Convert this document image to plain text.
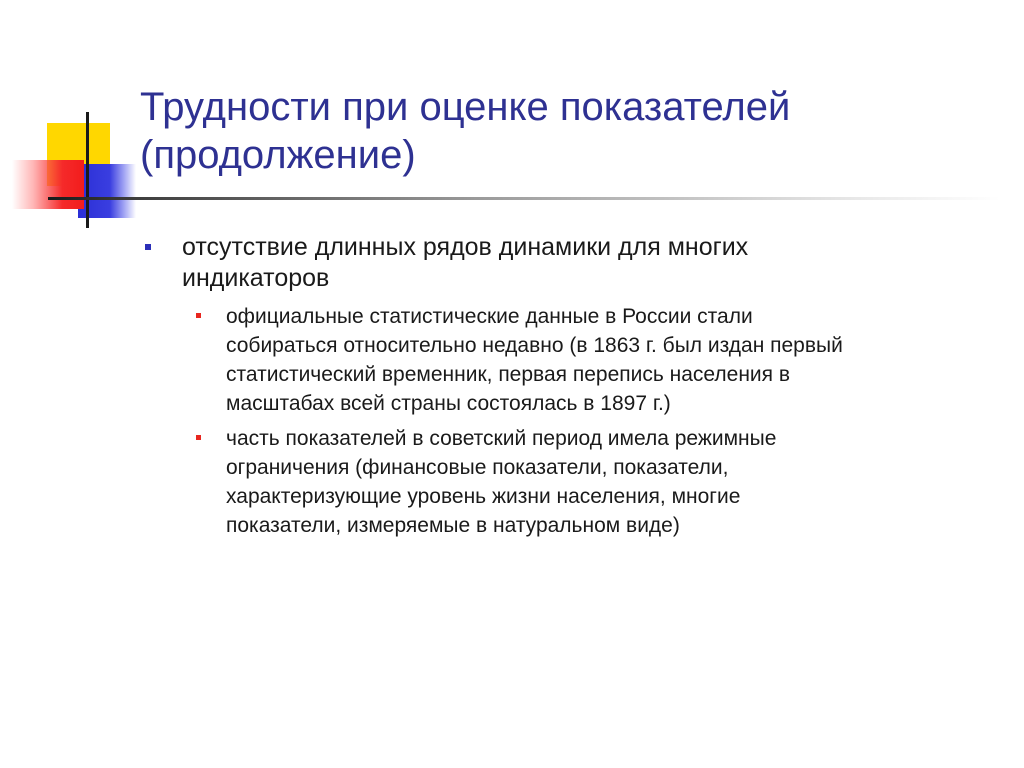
Трудности при оценке показателей
(продолжение)
отсутствие длинных рядов динамики для многих
индикаторов
официальные статистические данные в России стали
собираться относительно недавно (в 1863 г. был издан первый
статистический временник, первая перепись населения в
масштабах всей страны состоялась в 1897 г.)
часть показателей в советский период имела режимные
ограничения (финансовые показатели, показатели,
характеризующие уровень жизни населения, многие
показатели, измеряемые в натуральном виде)
